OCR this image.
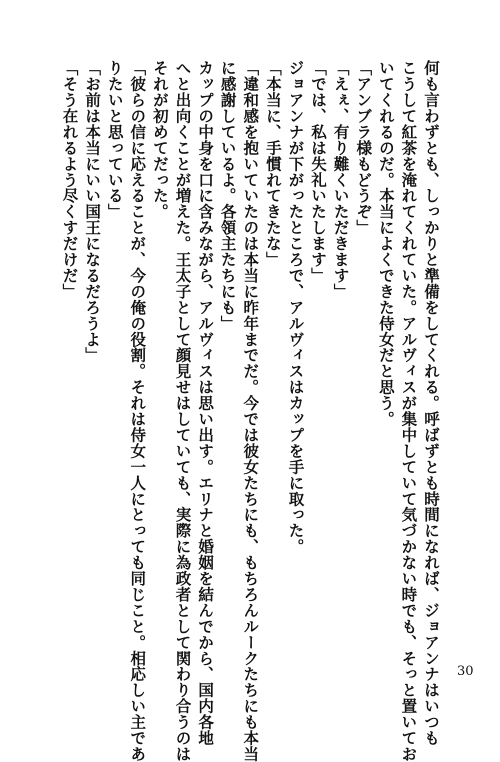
何も言わずとも、しっかりと準備をしてくれる。呼ばずとも時間になれば、ジョアンナはいつも
こうして紅茶を淹れてくれていた。アルヴィスが集中していて気づかない時でも、そっと置いてお
いてくれるのだ。本当によくできた侍女だと思う。
「アンブラ様もどうぞ」
「えぇ、有り難くいただきます」
「では、私は失礼いたします」
ジョアンナが下がったところで、アルヴィスはカップを手に取った。
「本当に、手慣れてきたな」
「違和感を抱いていたのは本当に昨年までだ。今では彼女たちにも、もちろんルークたちにも本当
に感謝しているよ。各領主たちにも」
カップの中身を口に含みながら、アルヴィスは思い出す。エリナと婚姻を結んでから、国内各地
へと出向くことが増えた。王太子として顔見せはしていても、実際に為政者として関わり合うのは
それが初めてだった。
「彼らの信に応えることが、今の俺の役割。それは侍女一人にとっても同じこと。相応しい主であ
りたいと思っている」
「お前は本当にいい国王になるだろうよ」
「そう在れるよう尽くすだけだ」
30
